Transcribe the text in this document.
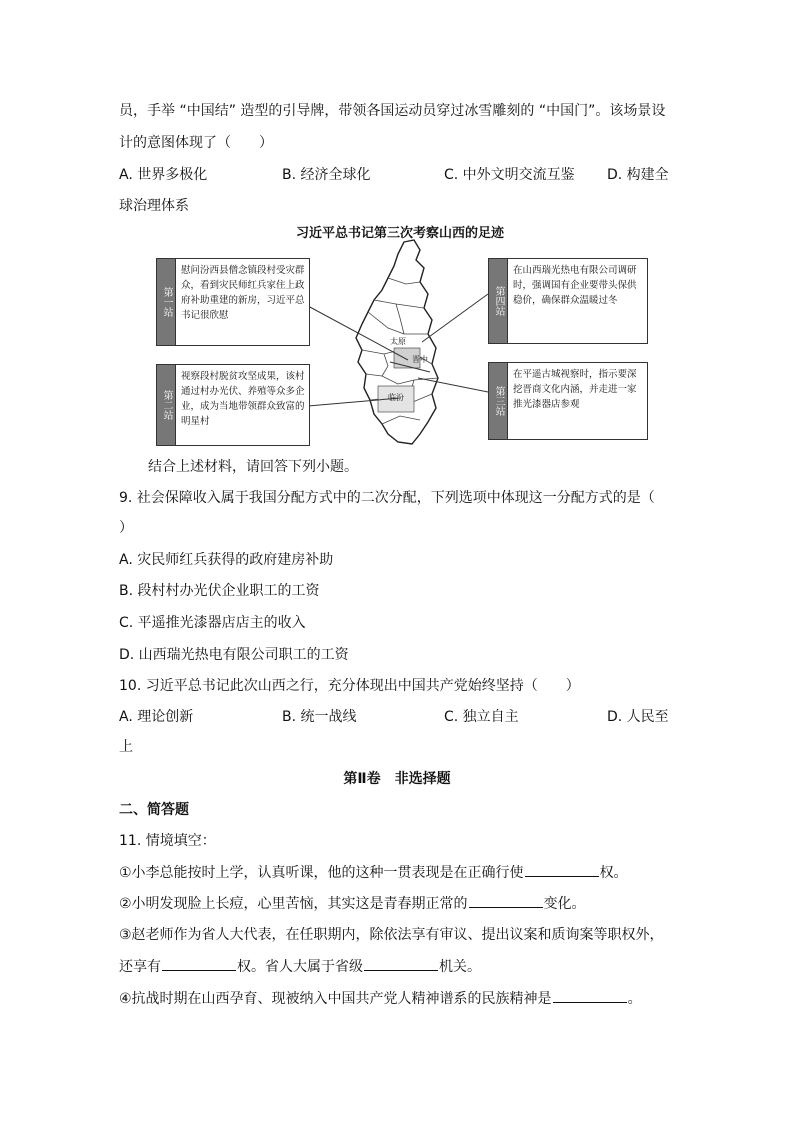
员，手举 “中国结” 造型的引导牌，带领各国运动员穿过冰雪雕刻的 “中国门”。该场景设
计的意图体现了（　　）
A. 世界多极化	B. 经济全球化	C. 中外文明交流互鉴 D. 构建全
球治理体系
习近平总书记第三次考察山西的足迹
太原
晋中
临汾
第一站
慰问汾西县僧念镇段村受灾群众，看到灾民师红兵家住上政府补助重建的新房，习近平总书记很欣慰
第二站
视察段村脱贫攻坚成果，该村通过村办光伏、养殖等众多企业，成为当地带领群众致富的明星村
第四站
在山西瑞光热电有限公司调研时，强调国有企业要带头保供稳价，确保群众温暖过冬
第三站
在平遥古城视察时，指示要深挖晋商文化内涵，并走进一家推光漆器店参观
结合上述材料，请回答下列小题。
9. 社会保障收入属于我国分配方式中的二次分配，下列选项中体现这一分配方式的是（
）
A. 灾民师红兵获得的政府建房补助
B. 段村村办光伏企业职工的工资
C. 平遥推光漆器店店主的收入
D. 山西瑞光热电有限公司职工的工资
10. 习近平总书记此次山西之行，充分体现出中国共产党始终坚持（　　）
A. 理论创新	B. 统一战线	C. 独立自主	D. 人民至
上
第Ⅱ卷　非选择题
二、简答题
11. 情境填空：
①小李总能按时上学，认真听课，他的这种一贯表现是在正确行使	权。
②小明发现脸上长痘，心里苦恼，其实这是青春期正常的	变化。
③赵老师作为省人大代表，在任职期内，除依法享有审议、提出议案和质询案等职权外，
还享有	权。省人大属于省级	机关。
④抗战时期在山西孕育、现被纳入中国共产党人精神谱系的民族精神是	。
